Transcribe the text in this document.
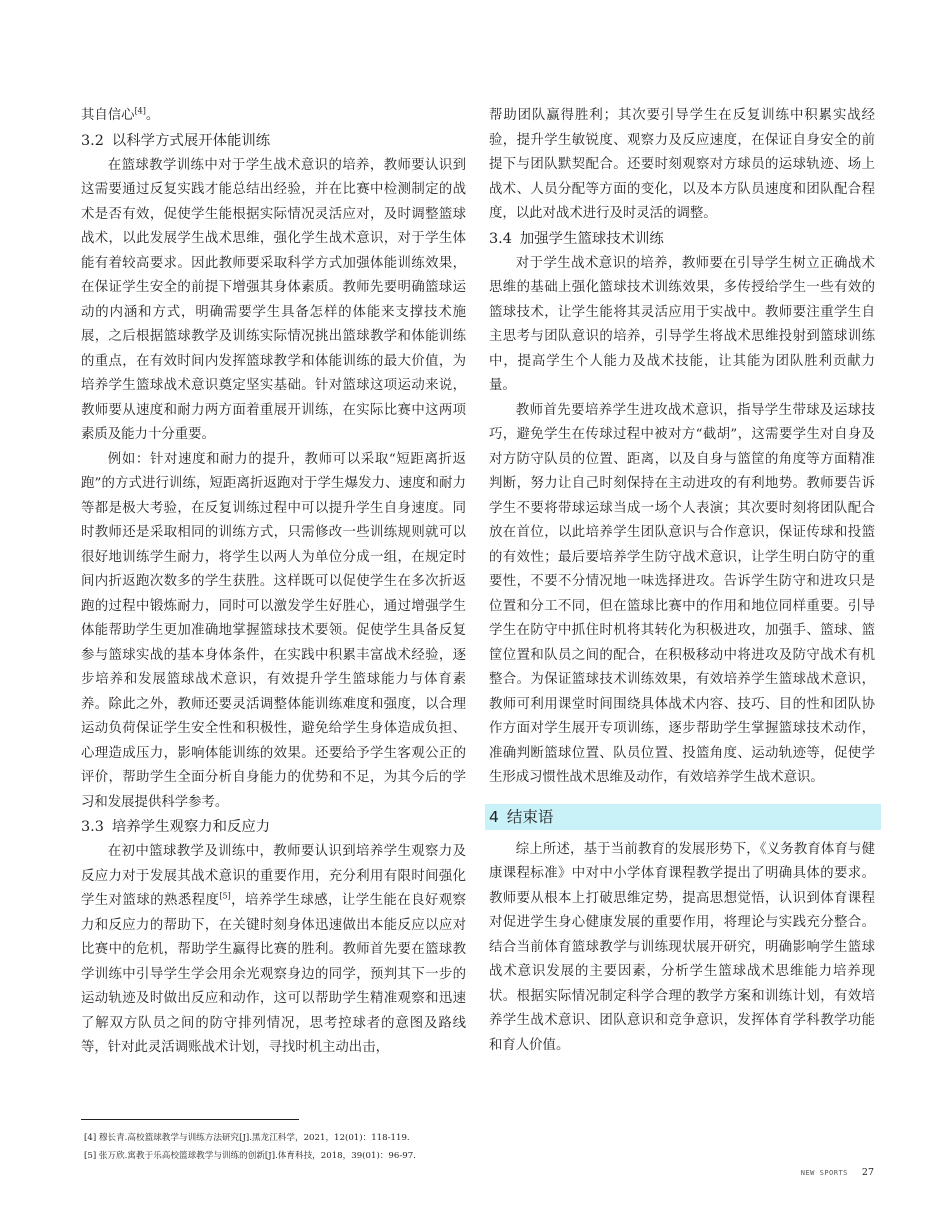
其自信心[4]。

3.2 以科学方式展开体能训练

在篮球教学训练中对于学生战术意识的培养，教师要认识到这需要通过反复实践才能总结出经验，并在比赛中检测制定的战术是否有效，促使学生能根据实际情况灵活应对，及时调整篮球战术，以此发展学生战术思维，强化学生战术意识，对于学生体能有着较高要求。因此教师要采取科学方式加强体能训练效果，在保证学生安全的前提下增强其身体素质。教师先要明确篮球运动的内涵和方式，明确需要学生具备怎样的体能来支撑技术施展，之后根据篮球教学及训练实际情况挑出篮球教学和体能训练的重点，在有效时间内发挥篮球教学和体能训练的最大价值，为培养学生篮球战术意识奠定坚实基础。针对篮球这项运动来说，教师要从速度和耐力两方面着重展开训练，在实际比赛中这两项素质及能力十分重要。

例如：针对速度和耐力的提升，教师可以采取“短距离折返跑”的方式进行训练，短距离折返跑对于学生爆发力、速度和耐力等都是极大考验，在反复训练过程中可以提升学生自身速度。同时教师还是采取相同的训练方式，只需修改一些训练规则就可以很好地训练学生耐力，将学生以两人为单位分成一组，在规定时间内折返跑次数多的学生获胜。这样既可以促使学生在多次折返跑的过程中锻炼耐力，同时可以激发学生好胜心，通过增强学生体能帮助学生更加准确地掌握篮球技术要领。促使学生具备反复参与篮球实战的基本身体条件，在实践中积累丰富战术经验，逐步培养和发展篮球战术意识，有效提升学生篮球能力与体育素养。除此之外，教师还要灵活调整体能训练难度和强度，以合理运动负荷保证学生安全性和积极性，避免给学生身体造成负担、心理造成压力，影响体能训练的效果。还要给予学生客观公正的评价，帮助学生全面分析自身能力的优势和不足，为其今后的学习和发展提供科学参考。

3.3 培养学生观察力和反应力

在初中篮球教学及训练中，教师要认识到培养学生观察力及反应力对于发展其战术意识的重要作用，充分利用有限时间强化学生对篮球的熟悉程度[5]，培养学生球感，让学生能在良好观察力和反应力的帮助下，在关键时刻身体迅速做出本能反应以应对比赛中的危机，帮助学生赢得比赛的胜利。教师首先要在篮球教学训练中引导学生学会用余光观察身边的同学，预判其下一步的运动轨迹及时做出反应和动作，这可以帮助学生精准观察和迅速了解双方队员之间的防守排列情况，思考控球者的意图及路线等，针对此灵活调账战术计划，寻找时机主动出击，

帮助团队赢得胜利；其次要引导学生在反复训练中积累实战经验，提升学生敏锐度、观察力及反应速度，在保证自身安全的前提下与团队默契配合。还要时刻观察对方球员的运球轨迹、场上战术、人员分配等方面的变化，以及本方队员速度和团队配合程度，以此对战术进行及时灵活的调整。

3.4 加强学生篮球技术训练

对于学生战术意识的培养，教师要在引导学生树立正确战术思维的基础上强化篮球技术训练效果，多传授给学生一些有效的篮球技术，让学生能将其灵活应用于实战中。教师要注重学生自主思考与团队意识的培养，引导学生将战术思维投射到篮球训练中，提高学生个人能力及战术技能，让其能为团队胜利贡献力量。

教师首先要培养学生进攻战术意识，指导学生带球及运球技巧，避免学生在传球过程中被对方“截胡”，这需要学生对自身及对方防守队员的位置、距离，以及自身与篮筐的角度等方面精准判断，努力让自己时刻保持在主动进攻的有利地势。教师要告诉学生不要将带球运球当成一场个人表演；其次要时刻将团队配合放在首位，以此培养学生团队意识与合作意识，保证传球和投篮的有效性；最后要培养学生防守战术意识，让学生明白防守的重要性，不要不分情况地一味选择进攻。告诉学生防守和进攻只是位置和分工不同，但在篮球比赛中的作用和地位同样重要。引导学生在防守中抓住时机将其转化为积极进攻，加强手、篮球、篮筐位置和队员之间的配合，在积极移动中将进攻及防守战术有机整合。为保证篮球技术训练效果，有效培养学生篮球战术意识，教师可利用课堂时间围绕具体战术内容、技巧、目的性和团队协作方面对学生展开专项训练，逐步帮助学生掌握篮球技术动作，准确判断篮球位置、队员位置、投篮角度、运动轨迹等，促使学生形成习惯性战术思维及动作，有效培养学生战术意识。

4 结束语

综上所述，基于当前教育的发展形势下，《义务教育体育与健康课程标准》中对中小学体育课程教学提出了明确具体的要求。教师要从根本上打破思维定势，提高思想觉悟，认识到体育课程对促进学生身心健康发展的重要作用，将理论与实践充分整合。结合当前体育篮球教学与训练现状展开研究，明确影响学生篮球战术意识发展的主要因素，分析学生篮球战术思维能力培养现状。根据实际情况制定科学合理的教学方案和训练计划，有效培养学生战术意识、团队意识和竞争意识，发挥体育学科教学功能和育人价值。

[4] 穆长青.高校篮球教学与训练方法研究[J].黑龙江科学，2021，12(01)：118-119.
[5] 张万欣.寓教于乐高校篮球教学与训练的创新[J].体育科技，2018，39(01)：96-97.
NEW SPORTS 27
